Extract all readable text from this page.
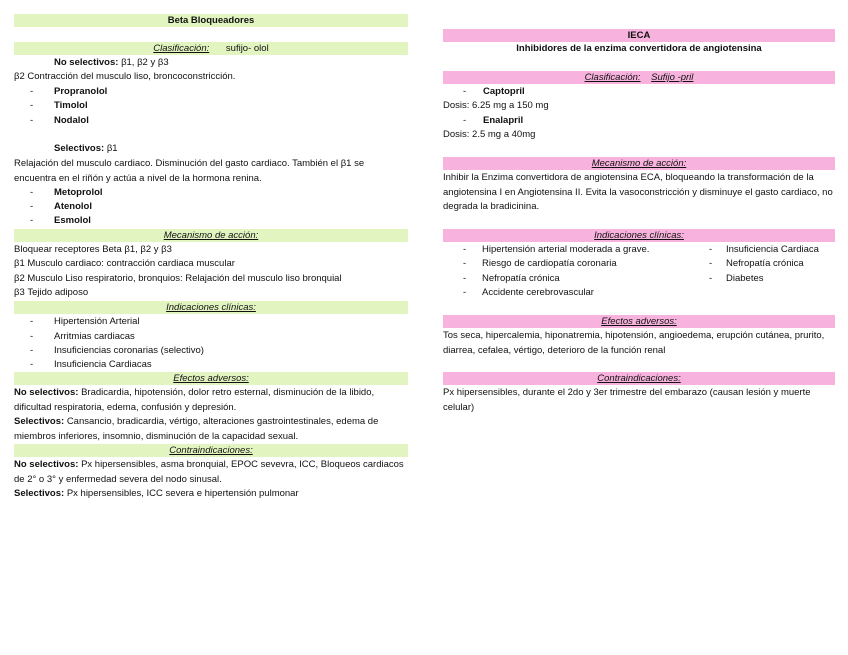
Beta Bloqueadores
Clasificación: sufijo- olol
No selectivos: β1, β2 y β3
β2 Contracción del musculo liso, broncoconstricción.
- Propranolol
- Timolol
- Nodalol
Selectivos: β1
Relajación del musculo cardiaco. Disminución del gasto cardiaco. También el β1 se encuentra en el riñón y actúa a nivel de la hormona renina.
- Metoprolol
- Atenolol
- Esmolol
Mecanismo de acción:
Bloquear receptores Beta β1, β2 y β3
β1 Musculo cardiaco: contracción cardiaca muscular
β2 Musculo Liso respiratorio, bronquios: Relajación del musculo liso bronquial
β3 Tejido adiposo
Indicaciones clínicas:
- Hipertensión Arterial
- Arritmias cardiacas
- Insuficiencias coronarias (selectivo)
- Insuficiencia Cardiacas
Efectos adversos:
No selectivos: Bradicardia, hipotensión, dolor retro esternal, disminución de la libido, dificultad respiratoria, edema, confusión y depresión.
Selectivos: Cansancio, bradicardia, vértigo, alteraciones gastrointestinales, edema de miembros inferiores, insomnio, disminución de la capacidad sexual.
Contraindicaciones:
No selectivos: Px hipersensibles, asma bronquial, EPOC sevevra, ICC, Bloqueos cardiacos de 2° o 3° y enfermedad severa del nodo sinusal.
Selectivos: Px hipersensibles, ICC severa e hipertensión pulmonar
IECA
Inhibidores de la enzima convertidora de angiotensina
Clasificación: Sufijo -pril
- Captopril
Dosis: 6.25 mg a 150 mg
- Enalapril
Dosis: 2.5 mg a 40mg
Mecanismo de acción:
Inhibir la Enzima convertidora de angiotensina ECA, bloqueando la transformación de la angiotensina I en Angiotensina II. Evita la vasoconstricción y disminuye el gasto cardiaco, no degrada la bradicinina.
Indicaciones clínicas:
- Hipertensión arterial moderada a grave.
- Riesgo de cardiopatía coronaria
- Nefropatía crónica
- Accidente cerebrovascular
- Insuficiencia Cardiaca
- Nefropatía crónica
- Diabetes
Efectos adversos:
Tos seca, hipercalemia, hiponatremia, hipotensión, angioedema, erupción cutánea, prurito, diarrea, cefalea, vértigo, deterioro de la función renal
Contraindicaciones:
Px hipersensibles, durante el 2do y 3er trimestre del embarazo (causan lesión y muerte celular)
